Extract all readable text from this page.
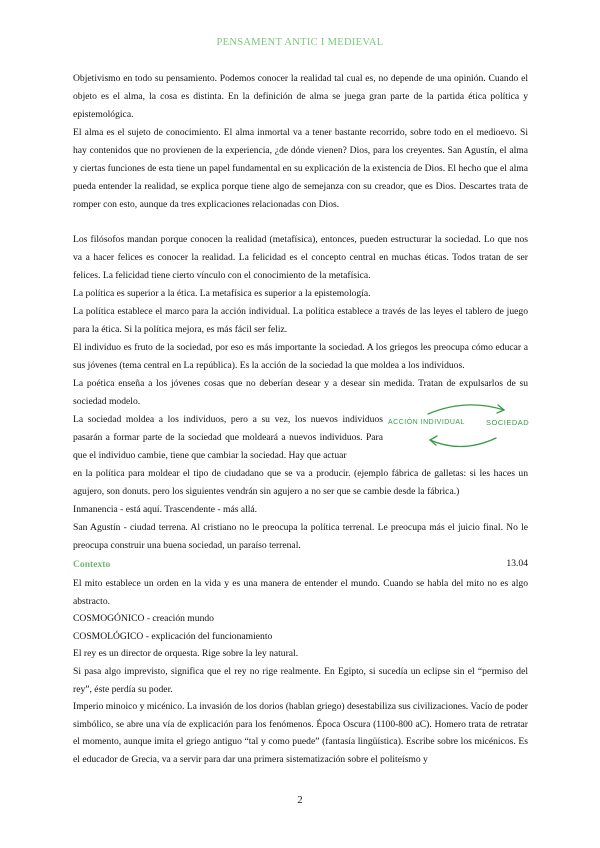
PENSAMENT ANTIC I MEDIEVAL

Objetivismo en todo su pensamiento. Podemos conocer la realidad tal cual es, no depende de una opinión. Cuando el objeto es el alma, la cosa es distinta. En la definición de alma se juega gran parte de la partida ética política y epistemológica.

El alma es el sujeto de conocimiento. El alma inmortal va a tener bastante recorrido, sobre todo en el medioevo. Si hay contenidos que no provienen de la experiencia, ¿de dónde vienen? Dios, para los creyentes. San Agustín, el alma y ciertas funciones de esta tiene un papel fundamental en su explicación de la existencia de Dios. El hecho que el alma pueda entender la realidad, se explica porque tiene algo de semejanza con su creador, que es Dios. Descartes trata de romper con esto, aunque da tres explicaciones relacionadas con Dios.

Los filósofos mandan porque conocen la realidad (metafísica), entonces, pueden estructurar la sociedad. Lo que nos va a hacer felices es conocer la realidad. La felicidad es el concepto central en muchas éticas. Todos tratan de ser felices. La felicidad tiene cierto vínculo con el conocimiento de la metafísica.

La política es superior a la ética. La metafísica es superior a la epistemología.

La política establece el marco para la acción individual. La política establece a través de las leyes el tablero de juego para la ética. Si la política mejora, es más fácil ser feliz.

El individuo es fruto de la sociedad, por eso es más importante la sociedad. A los griegos les preocupa cómo educar a sus jóvenes (tema central en La república). Es la acción de la sociedad la que moldea a los individuos.

La poética enseña a los jóvenes cosas que no deberían desear y a desear sin medida. Tratan de expulsarlos de su sociedad modelo.

La sociedad moldea a los individuos, pero a su vez, los nuevos individuos pasarán a formar parte de la sociedad que moldeará a nuevos individuos. Para que el individuo cambie, tiene que cambiar la sociedad. Hay que actuar

en la política para moldear el tipo de ciudadano que se va a producir. (ejemplo fábrica de galletas: si les haces un agujero, son donuts. pero los siguientes vendrán sin agujero a no ser que se cambie desde la fábrica.)

Inmanencia - está aquí. Trascendente - más allá.

San Agustín - ciudad terrena. Al cristiano no le preocupa la política terrenal. Le preocupa más el juicio final. No le preocupa construir una buena sociedad, un paraíso terrenal.

13.04

ACCIÓN INDIVIDUAL	SOCIEDAD
Contexto

El mito establece un orden en la vida y es una manera de entender el mundo. Cuando se habla del mito no es algo abstracto.

COSMOGÓNICO - creación mundo

COSMOLÓGICO - explicación del funcionamiento

El rey es un director de orquesta. Rige sobre la ley natural.

Si pasa algo imprevisto, significa que el rey no rige realmente. En Egipto, si sucedía un eclipse sin el “permiso del rey”, éste perdía su poder.

Imperio minoico y micénico. La invasión de los dorios (hablan griego) desestabiliza sus civilizaciones. Vacío de poder simbólico, se abre una vía de explicación para los fenómenos. Época Oscura (1100-800 aC). Homero trata de retratar el momento, aunque imita el griego antiguo “tal y como puede” (fantasía lingüística). Escribe sobre los micénicos. Es el educador de Grecia, va a servir para dar una primera sistematización sobre el politeísmo y

2
